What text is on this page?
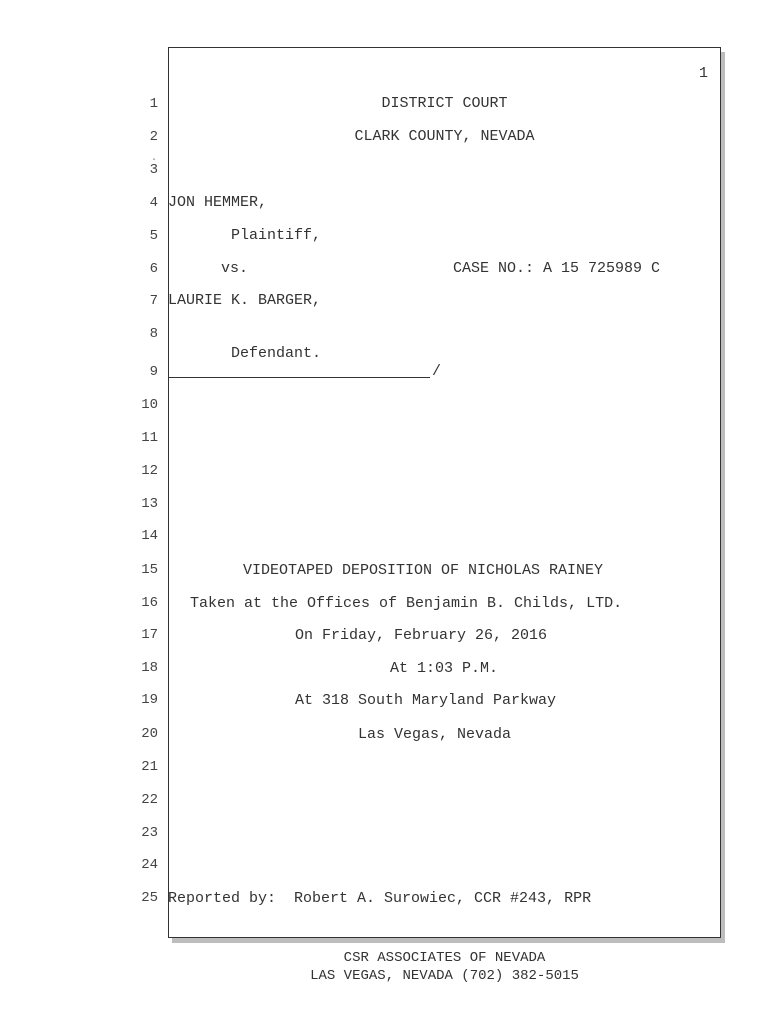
1
1
2
3
4
5
6
7
8
9
10
11
12
13
14
15
16
17
18
19
20
21
22
23
24
25
.
DISTRICT COURT
CLARK COUNTY, NEVADA
JON HEMMER,
Plaintiff,
vs.	CASE NO.: A 15 725989 C
LAURIE K. BARGER,
Defendant.
/
VIDEOTAPED DEPOSITION OF NICHOLAS RAINEY
Taken at the Offices of Benjamin B. Childs, LTD.
On Friday, February 26, 2016
At 1:03 P.M.
At 318 South Maryland Parkway
Las Vegas, Nevada
Reported by:  Robert A. Surowiec, CCR #243, RPR
CSR ASSOCIATES OF NEVADA
LAS VEGAS, NEVADA (702) 382-5015
